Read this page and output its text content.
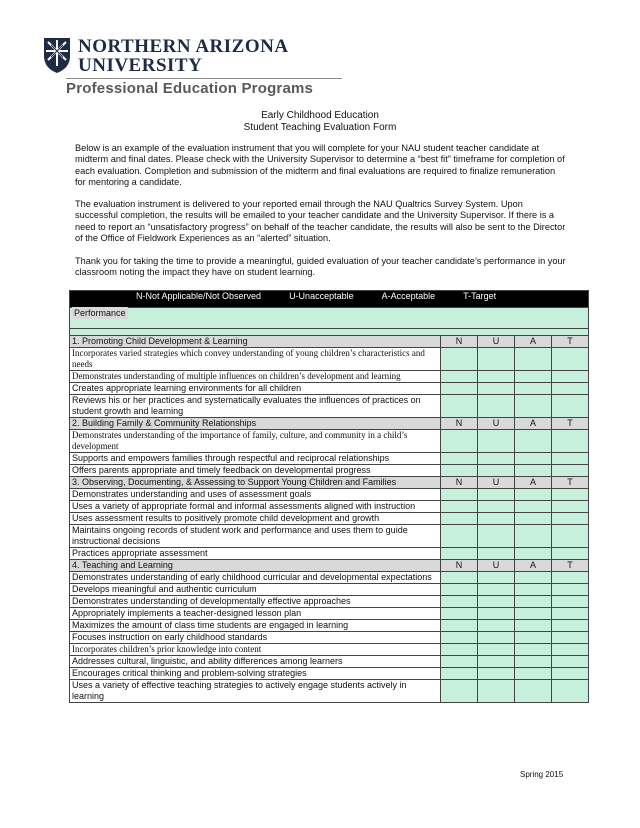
NORTHERN ARIZONA
UNIVERSITY
Professional Education Programs
Early Childhood Education
Student Teaching Evaluation Form
Below is an example of the evaluation instrument that you will complete for your NAU student teacher candidate at midterm and final dates. Please check with the University Supervisor to determine a “best fit” timeframe for completion of each evaluation. Completion and submission of the midterm and final evaluations are required to finalize remuneration for mentoring a candidate.
The evaluation instrument is delivered to your reported email through the NAU Qualtrics Survey System. Upon successful completion, the results will be emailed to your teacher candidate and the University Supervisor. If there is a need to report an “unsatisfactory progress” on behalf of the teacher candidate, the results will also be sent to the Director of the Office of Fieldwork Experiences as an “alerted” situation.
Thank you for taking the time to provide a meaningful, guided evaluation of your teacher candidate’s performance in your classroom noting the impact they have on student learning.
N-Not Applicable/Not Observed U-Unacceptable A-Acceptable T-Target				

Performance				

1. Promoting Child Development & Learning	N	U	A	T
Incorporates varied strategies which convey understanding of young children’s characteristics and needs				
Demonstrates understanding of multiple influences on children’s development and learning				
Creates appropriate learning environments for all children				
Reviews his or her practices and systematically evaluates the influences of practices on student growth and learning				
2. Building Family & Community Relationships	N	U	A	T
Demonstrates understanding of the importance of family, culture, and community in a child’s development				
Supports and empowers families through respectful and reciprocal relationships				
Offers parents appropriate and timely feedback on developmental progress				
3. Observing, Documenting, & Assessing to Support Young Children and Families	N	U	A	T
Demonstrates understanding and uses of assessment goals				
Uses a variety of appropriate formal and informal assessments aligned with instruction				
Uses assessment results to positively promote child development and growth				
Maintains ongoing records of student work and performance and uses them to guide instructional decisions				
Practices appropriate assessment				
4. Teaching and Learning	N	U	A	T
Demonstrates understanding of early childhood curricular and developmental expectations				
Develops meaningful and authentic curriculum				
Demonstrates understanding of developmentally effective approaches				
Appropriately implements a teacher-designed lesson plan				
Maximizes the amount of class time students are engaged in learning				
Focuses instruction on early childhood standards				
Incorporates children’s prior knowledge into content				
Addresses cultural, linguistic, and ability differences among learners				
Encourages critical thinking and problem-solving strategies				
Uses a variety of effective teaching strategies to actively engage students actively in learning				
Spring 2015
